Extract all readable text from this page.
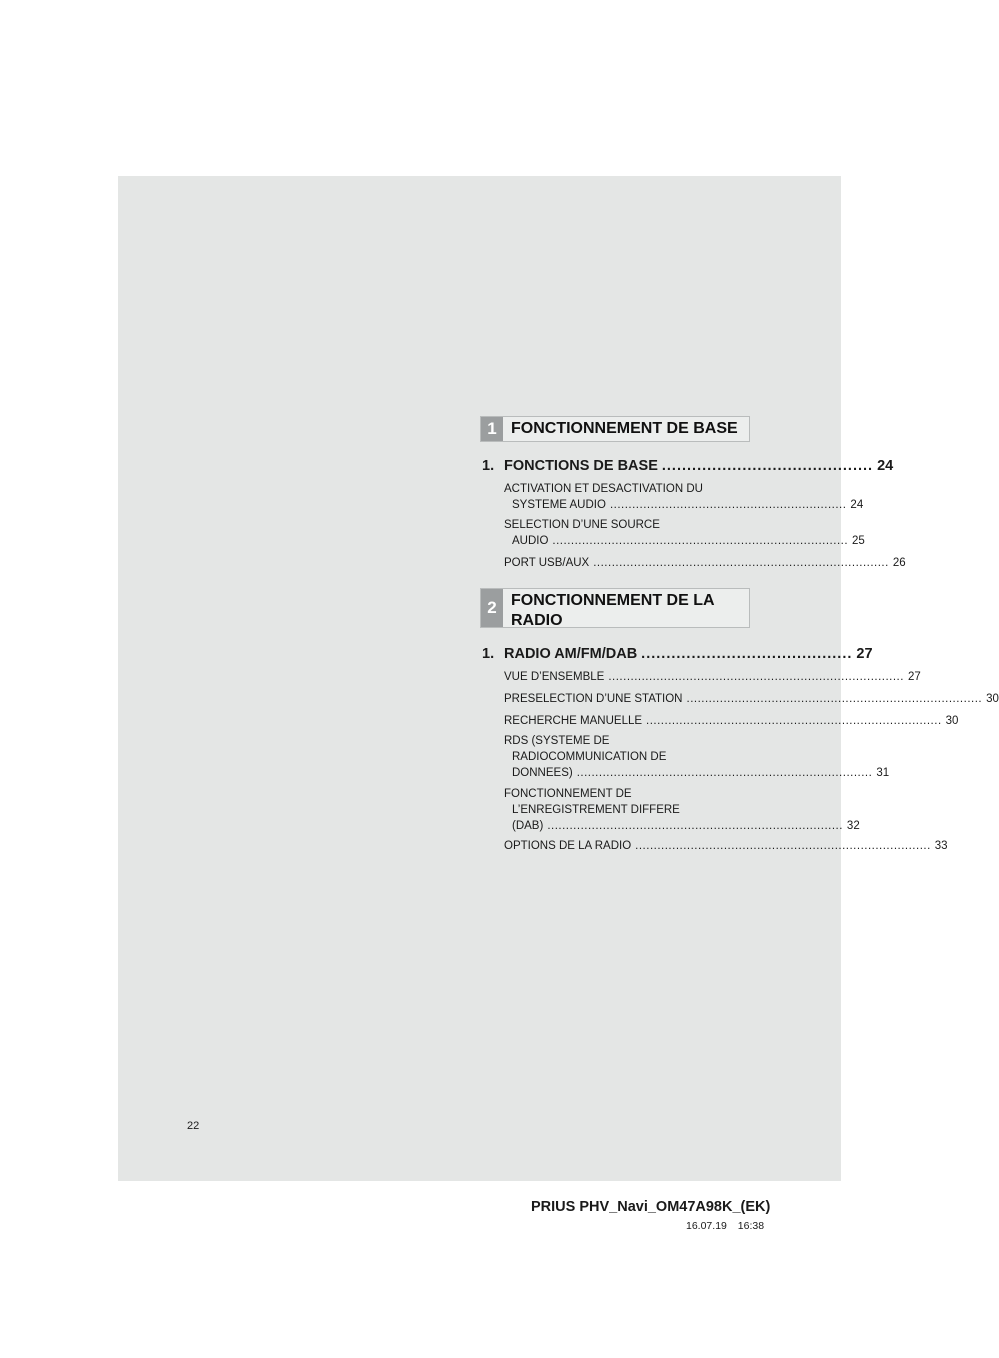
1 FONCTIONNEMENT DE BASE
1. FONCTIONS DE BASE .......................................... 24
ACTIVATION ET DESACTIVATION DU
SYSTEME AUDIO ................................................................ 24
SELECTION D’UNE SOURCE
AUDIO ................................................................................ 25
PORT USB/AUX ................................................................................ 26
2 FONCTIONNEMENT DE LA
RADIO
1. RADIO AM/FM/DAB .......................................... 27
VUE D’ENSEMBLE ................................................................................ 27
PRESELECTION D’UNE STATION ................................................................................ 30
RECHERCHE MANUELLE ................................................................................ 30
RDS (SYSTEME DE
RADIOCOMMUNICATION DE
DONNEES) ................................................................................ 31
FONCTIONNEMENT DE
L’ENREGISTREMENT DIFFERE
(DAB) ................................................................................ 32
OPTIONS DE LA RADIO ................................................................................ 33
22
PRIUS PHV_Navi_OM47A98K_(EK)
16.07.19 16:38
